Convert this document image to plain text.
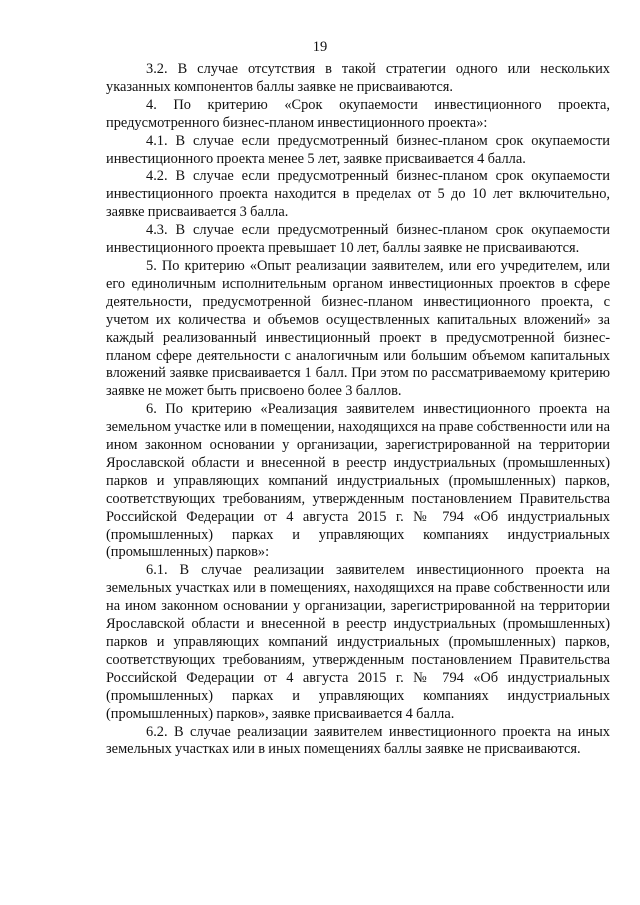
19

3.2. В случае отсутствия в такой стратегии одного или нескольких указанных компонентов баллы заявке не присваиваются.

4. По критерию «Срок окупаемости инвестиционного проекта, предусмотренного бизнес-планом инвестиционного проекта»:

4.1. В случае если предусмотренный бизнес-планом срок окупаемости инвестиционного проекта менее 5 лет, заявке присваивается 4 балла.

4.2. В случае если предусмотренный бизнес-планом срок окупаемости инвестиционного проекта находится в пределах от 5 до 10 лет включительно, заявке присваивается 3 балла.

4.3. В случае если предусмотренный бизнес-планом срок окупаемости инвестиционного проекта превышает 10 лет, баллы заявке не присваиваются.

5. По критерию «Опыт реализации заявителем, или его учредителем, или его единоличным исполнительным органом инвестиционных проектов в сфере деятельности, предусмотренной бизнес-планом инвестиционного проекта, с учетом их количества и объемов осуществленных капитальных вложений» за каждый реализованный инвестиционный проект в предусмотренной бизнес-планом сфере деятельности с аналогичным или большим объемом капитальных вложений заявке присваивается 1 балл. При этом по рассматриваемому критерию заявке не может быть присвоено более 3 баллов.

6. По критерию «Реализация заявителем инвестиционного проекта на земельном участке или в помещении, находящихся на праве собственности или на ином законном основании у организации, зарегистрированной на территории Ярославской области и внесенной в реестр индустриальных (промышленных) парков и управляющих компаний индустриальных (промышленных) парков, соответствующих требованиям, утвержденным постановлением Правительства Российской Федерации от 4 августа 2015 г. № 794 «Об индустриальных (промышленных) парках и управляющих компаниях индустриальных (промышленных) парков»:

6.1. В случае реализации заявителем инвестиционного проекта на земельных участках или в помещениях, находящихся на праве собственности или на ином законном основании у организации, зарегистрированной на территории Ярославской области и внесенной в реестр индустриальных (промышленных) парков и управляющих компаний индустриальных (промышленных) парков, соответствующих требованиям, утвержденным постановлением Правительства Российской Федерации от 4 августа 2015 г. № 794 «Об индустриальных (промышленных) парках и управляющих компаниях индустриальных (промышленных) парков», заявке присваивается 4 балла.

6.2. В случае реализации заявителем инвестиционного проекта на иных земельных участках или в иных помещениях баллы заявке не присваиваются.
